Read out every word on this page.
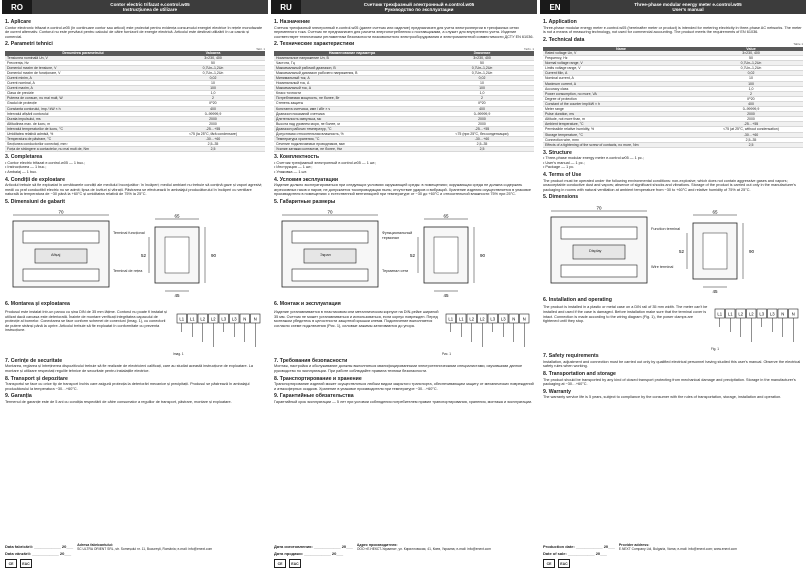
RO	Contor electric trifazat e.control.w05
Instrucțiunea de utilizare
1. Aplicare

Contor electronic trifazat e.control.w05 (în continuare contor sau articol) este proiectat pentru evidența consumului energiei electrice în rețele monofazate de curent alternativ. Contorul nu este prevăzut pentru calculul de către furnizorii de energie electrică. Articolul este destinat utilizării în uz casnic și comercial.

2. Parametri tehnici
Tabl. 1
Denumirea parametrului	Valoarea
Tensiunea nominală Un, V	3×230, 400
Frecvența, Hz	50
Domeniul maxim de tensiune, V	0,7Un–1,2Un
Domeniul maxim de funcționare, V	0,7Un–1,2Un
Curent minim, A	0,02
Curent nominal, A	10
Curent maxim, A	100
Clasa de precizie	1,0
Puterea de consum, nu mai mult, W	2
Gradul de protecție	IP20
Constanta contorului, imp / kW × h	400
Intervalul afișării contorului	0–99999,9
Durata impulsului, ms	2000
Altitudinea max. de lucru, m	2000
Intervalul temperaturilor de lucru, °C	-25…+55
Umiditatea relativă admisă, %	<75 (la 25°C, fără condensare)
Temperatura de păstrare, °C	-30…+60
Secțiunea conductorilor conectați, mm²	2,5–35
Forța de strângere a contactelor, nu mai mult de, Nm	2,5
3. Completarea
• Contor electric trifazat e.control.w05 — 1 buc.;
• Instrucțiunea — 1 buc.;
• Ambalaj — 1 buc.
4. Condiții de exploatare

Articolul trebuie să fie exploatat în următoarele condiții ale mediului înconjurător: în încăperi; mediul ambiant nu trebuie să conțină gaze și vapori agresivi; medii cu praf conductibil electric nu se admit; lipsa de lovituri și vibrații. Păstrarea se efectuează în ambalajul producătorului în încăperi cu ventilare naturală la temperatura de −30 până la +60°C și umiditatea relativă de 75% la 25°C.

5. Dimensiuni de gabarit
70
65
90
52
45
Afișaj
Terminal funcțional
Terminal de rețea
6. Montarea și exploatarea

Produsul este instalat într-un panou cu șina DIN de 35 mm lățime. Contorul nu poate fi instalat și utilizat dacă carcasa este deteriorată. Înainte de montare verificați integritatea capacului de protecție al bornelor. Conectarea se face conform schemei de conexiuni (Imag. 1), cu conectorii de putere strânși până la oprire. Articolul trebuie să fie exploatat în conformitate cu prezenta instrucțiune.

L1 L1 L2 L2 L3 L3 N N
Imag. 1
7. Cerințe de securitate

Montarea, reglarea și întreținerea dispozitivului trebuie să fie realizate de electricieni calificați, care au studiat această instrucțiune de exploatare. La montare și utilizare respectați regulile tehnice de securitate pentru instalațiile electrice.

8. Transport și depozitare

Transportul se face cu orice tip de transport închis care asigură protecția la deteriorări mecanice și precipitații. Produsul se păstrează în ambalajul producătorului la temperatura −30…+60°C.

9. Garanția

Termenul de garanție este de 5 ani cu condiția respectării de către consumator a regulilor de transport, păstrare, montare și exploatare.

Data fabricării: ____________ 20___
Data vânzării: ____________ 20___
CE	EAC
Adresa fabricantului:
SC ULTRA ORIENT SRL, str. Someșului nr. 11, Bucureşti, România; e-mail: info@enext.com
RU	Счетчик трехфазный электронный e.control.w05
Руководство по эксплуатации
1. Назначение

Счетчик трехфазный электронный e.control.w05 (далее счетчик или изделие) предназначен для учета электроэнергии в трехфазных сетях переменного тока. Счетчик не предназначен для расчета энергопотребления с поставщиками, а служит для внутреннего учета. Изделие соответствует техническим регламентам безопасности низковольтного электрооборудования и электромагнитной совместимости ДСТУ EN 61036.

2. Технические характеристики
Табл. 1
Наименование параметра	Значение
Номинальное напряжение Uн, В	3×230, 400
Частота, Гц	50
Максимальный рабочий диапазон, В	0,7Uн–1,2Uн
Максимальный диапазон рабочего напряжения, В	0,7Uн–1,2Uн
Минимальный ток, А	0,02
Номинальный ток, А	10
Максимальный ток, А	100
Класс точности	1,0
Потребляемая мощность, не более, Вт	2
Степень защиты	IP20
Константа счетчика, имп / кВт × ч	400
Диапазон показаний счетчика	0–99999,9
Длительность импульса, мс	2000
Высота над уровнем моря, не более, м	2000
Диапазон рабочих температур, °С	-25…+55
Допустимая относительная влажность, %	<75 (при 25°С, без конденсации)
Температура хранения, °С	-30…+60
Сечение подключаемых проводников, мм²	2,5–35
Усилие затяжки контактов, не более, Нм	2,5
3. Комплектность
• Счетчик трехфазный электронный e.control.w05 — 1 шт.;
• Инструкция — 1 шт.;
• Упаковка — 1 шт.
4. Условия эксплуатации

Изделие должно эксплуатироваться при следующих условиях окружающей среды: в помещениях; окружающая среда не должна содержать агрессивных газов и паров; не допускается токопроводящая пыль; отсутствие ударов и вибраций. Хранение изделия осуществляется в упаковке производителя в помещениях с естественной вентиляцией при температуре от −30 до +60°С и относительной влажности 75% при 25°С.

5. Габаритные размеры
70
65
90
52
45
Экран
Функциональный терминал
Терминал сети
6. Монтаж и эксплуатация

Изделие устанавливается в пластиковом или металлическом корпусе на DIN-рейке шириной 35 мм. Счетчик не может устанавливаться и использоваться, если корпус поврежден. Перед монтажом убедитесь в целостности защитной крышки клемм. Подключение выполняется согласно схеме подключения (Рис. 1), силовые зажимы затягиваются до упора.

L1 L1 L2 L2 L3 L3 N N
Рис. 1
7. Требования безопасности

Монтаж, настройка и обслуживание должны выполняться квалифицированными электротехническими специалистами, изучившими данное руководство по эксплуатации. При работе соблюдайте правила техники безопасности.

8. Транспортирование и хранение

Транспортирование изделий может осуществляться любым видом закрытого транспорта, обеспечивающим защиту от механических повреждений и атмосферных осадков. Хранение в упаковке производителя при температуре −30…+60°С.

9. Гарантийные обязательства

Гарантийный срок эксплуатации — 5 лет при условии соблюдения потребителем правил транспортирования, хранения, монтажа и эксплуатации.

Дата изготовления: ____________ 20___
Дата продажи: ____________ 20___
CE	EAC
Адрес производителя:
ООО «Е.НЕКСТ-Украина», ул. Кирилловская, 41, Киев, Украина; e-mail: info@enext.com
EN	Three-phase modular energy meter e.control.w05
User's manual
1. Application

Three-phase modular energy meter e.control.w05 (hereinafter meter or product) is intended for metering electricity in three-phase AC networks. The meter is not a means of measuring technology, not used for commercial accounting. The product meets the requirements of EN 61036.

2. Technical data
Table 1
Name	Value
Rated voltage Un, V	3×230, 400
Frequency, Hz	50
Normal voltage range, V	0,7Un–1,2Un
Limits voltage range, V	0,7Un–1,2Un
Current Min, A	0,02
Nominal current, A	10
Maximum current, A	100
Accuracy class	1,0
Power consumption, no more, VA	2
Degree of protection	IP20
Constant of the counter imp/kW × h	400
Meter range	0–99999,9
Pulse duration, ms	2000
Altitude, not more than, m	2000
Ambient temperature, °С	-25…+55
Permissible relative humidity, %	<75 (at 25°С, without condensation)
Storage temperature, °С	-30…+60
Connection wire, mm²	2,5–35
Effects of a tightening of the screw of contacts, no more, Nm	2,5
3. Structure
• Three-phase modular energy meter e.control.w05 — 1 pc.;
• User's manual — 1 pc.;
• Package — 1 pc.
4. Terms of Use

The product must be operated under the following environmental conditions: non-explosive; which does not contain aggressive gases and vapors; unacceptable conductive dust and vapors; absence of significant shocks and vibrations. Storage of the product is carried out only in the manufacturer's packaging in rooms with natural ventilation at ambient temperature from −30 to +60°С and relative humidity of 75% at 25°С.

5. Dimensions
70
65
90
52
45
Display
Function terminal
Wire terminal
6. Installation and operating

The product is installed in a plastic or metal case on a DIN rail of 35 mm width. The meter can't be installed and used if the case is damaged. Before installation make sure that the terminal cover is intact. Connection is made according to the wiring diagram (Fig. 1), the power clamps are tightened until they stop.

L1 L1 L2 L2 L3 L3 N N
Fig. 1
7. Safety requirements

Installation, adjustment and connection must be carried out only by qualified electrical personnel having studied this user's manual. Observe the electrical safety rules when working.

8. Transportation and storage

The product should be transported by any kind of closed transport protecting from mechanical damage and precipitation. Storage in the manufacturer's packaging at −30…+60°С.

9. Warranty

The warranty service life is 5 years, subject to compliance by the consumer with the rules of transportation, storage, installation and operation.

Production date: ____________ 20___
Date of sale: ____________ 20___
CE	EAC
Provider address:
E.NEXT Company Ltd, Bulgaria, Varna; e-mail: info@enext.com; www.enext.com
